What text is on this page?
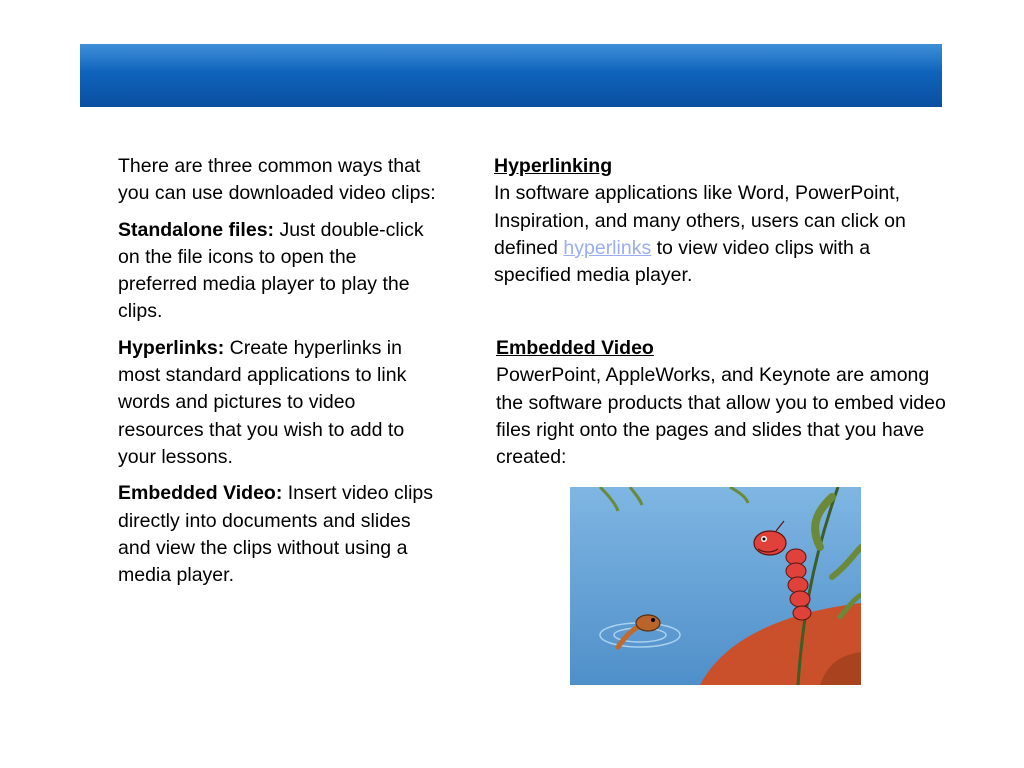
There are three common ways that you can use downloaded video clips:

Standalone files: Just double-click on the file icons to open the preferred media player to play the clips.

Hyperlinks: Create hyperlinks in most standard applications to link words and pictures to video resources that you wish to add to your lessons.

Embedded Video: Insert video clips directly into documents and slides and view the clips without using a media player.

Hyperlinking
In software applications like Word, PowerPoint, Inspiration, and many others, users can click on defined hyperlinks to view video clips with a specified media player.
Embedded Video
PowerPoint, AppleWorks, and Keynote are among the software products that allow you to embed video files right onto the pages and slides that you have created:
